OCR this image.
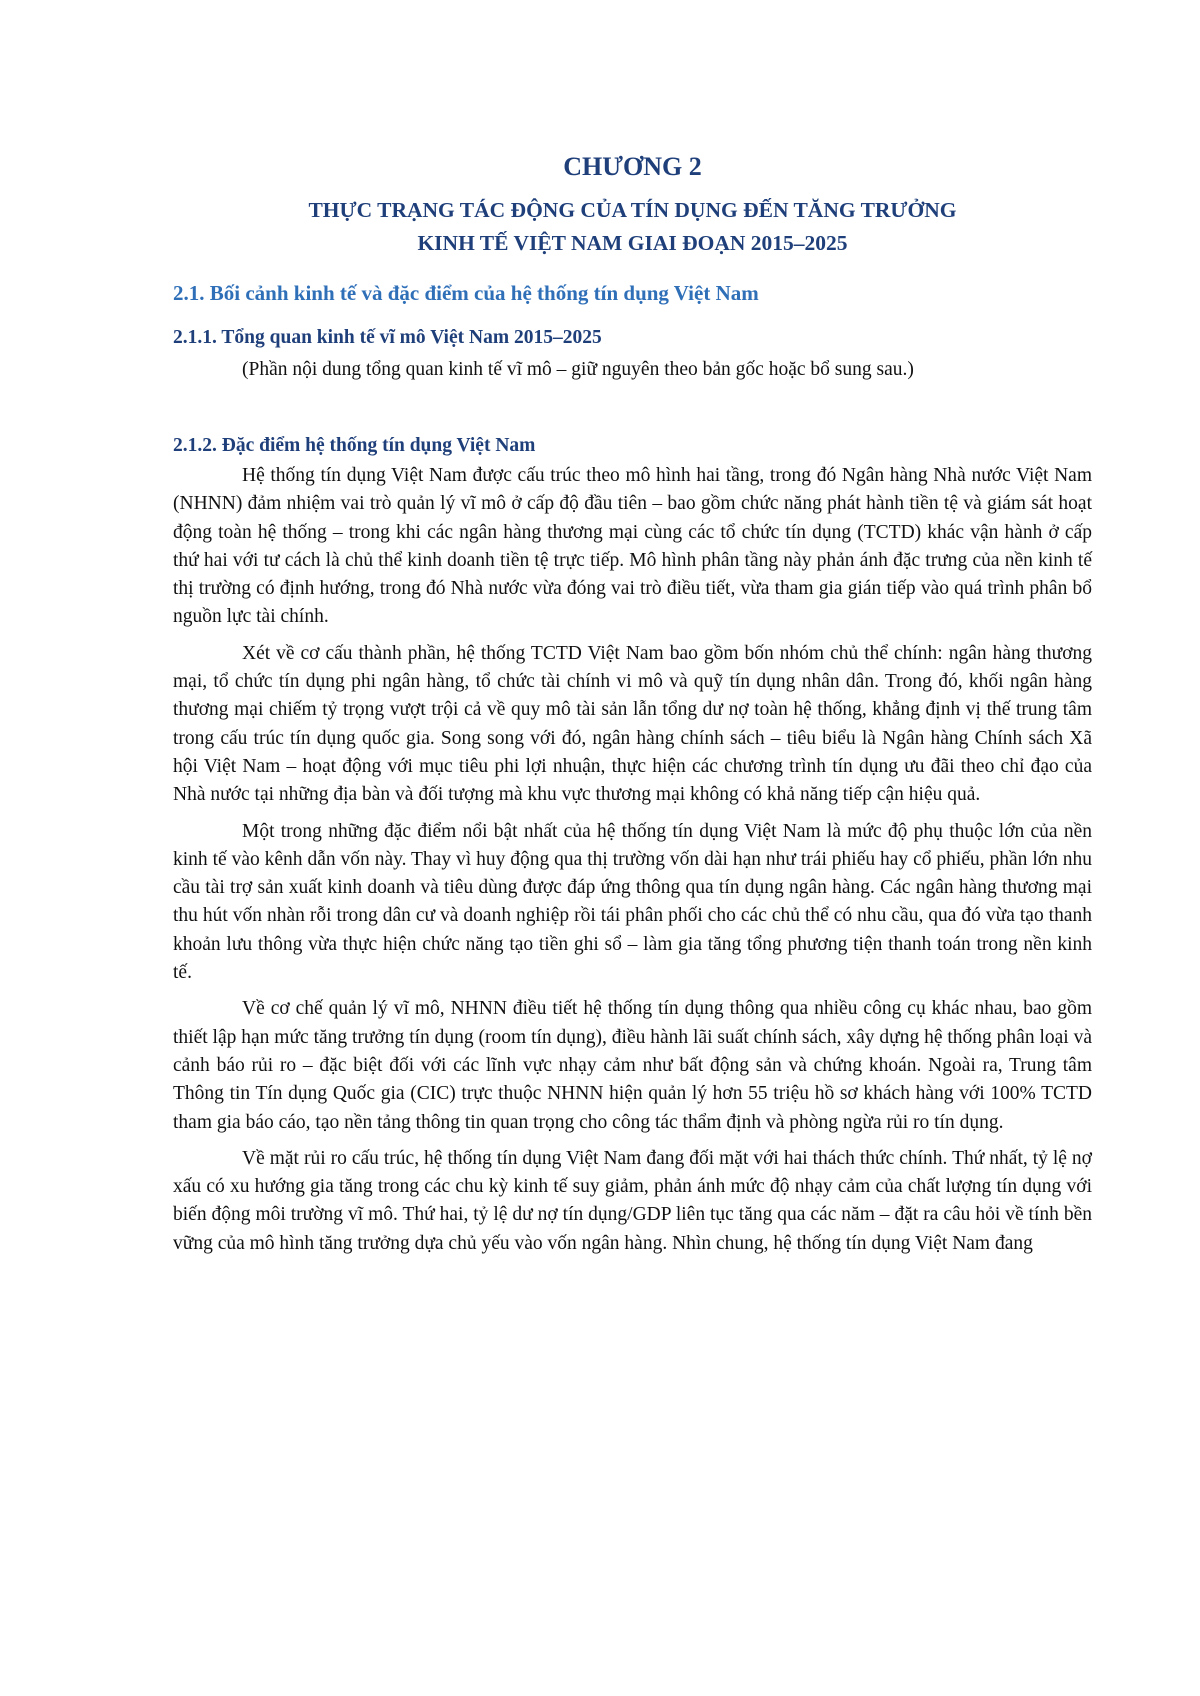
CHƯƠNG 2
THỰC TRẠNG TÁC ĐỘNG CỦA TÍN DỤNG ĐẾN TĂNG TRƯỞNG
KINH TẾ VIỆT NAM GIAI ĐOẠN 2015–2025
2.1. Bối cảnh kinh tế và đặc điểm của hệ thống tín dụng Việt Nam
2.1.1. Tổng quan kinh tế vĩ mô Việt Nam 2015–2025
(Phần nội dung tổng quan kinh tế vĩ mô – giữ nguyên theo bản gốc hoặc bổ sung sau.)
2.1.2. Đặc điểm hệ thống tín dụng Việt Nam

Hệ thống tín dụng Việt Nam được cấu trúc theo mô hình hai tầng, trong đó Ngân hàng Nhà nước Việt Nam (NHNN) đảm nhiệm vai trò quản lý vĩ mô ở cấp độ đầu tiên – bao gồm chức năng phát hành tiền tệ và giám sát hoạt động toàn hệ thống – trong khi các ngân hàng thương mại cùng các tổ chức tín dụng (TCTD) khác vận hành ở cấp thứ hai với tư cách là chủ thể kinh doanh tiền tệ trực tiếp. Mô hình phân tầng này phản ánh đặc trưng của nền kinh tế thị trường có định hướng, trong đó Nhà nước vừa đóng vai trò điều tiết, vừa tham gia gián tiếp vào quá trình phân bổ nguồn lực tài chính.

Xét về cơ cấu thành phần, hệ thống TCTD Việt Nam bao gồm bốn nhóm chủ thể chính: ngân hàng thương mại, tổ chức tín dụng phi ngân hàng, tổ chức tài chính vi mô và quỹ tín dụng nhân dân. Trong đó, khối ngân hàng thương mại chiếm tỷ trọng vượt trội cả về quy mô tài sản lẫn tổng dư nợ toàn hệ thống, khẳng định vị thế trung tâm trong cấu trúc tín dụng quốc gia. Song song với đó, ngân hàng chính sách – tiêu biểu là Ngân hàng Chính sách Xã hội Việt Nam – hoạt động với mục tiêu phi lợi nhuận, thực hiện các chương trình tín dụng ưu đãi theo chỉ đạo của Nhà nước tại những địa bàn và đối tượng mà khu vực thương mại không có khả năng tiếp cận hiệu quả.

Một trong những đặc điểm nổi bật nhất của hệ thống tín dụng Việt Nam là mức độ phụ thuộc lớn của nền kinh tế vào kênh dẫn vốn này. Thay vì huy động qua thị trường vốn dài hạn như trái phiếu hay cổ phiếu, phần lớn nhu cầu tài trợ sản xuất kinh doanh và tiêu dùng được đáp ứng thông qua tín dụng ngân hàng. Các ngân hàng thương mại thu hút vốn nhàn rỗi trong dân cư và doanh nghiệp rồi tái phân phối cho các chủ thể có nhu cầu, qua đó vừa tạo thanh khoản lưu thông vừa thực hiện chức năng tạo tiền ghi sổ – làm gia tăng tổng phương tiện thanh toán trong nền kinh tế.

Về cơ chế quản lý vĩ mô, NHNN điều tiết hệ thống tín dụng thông qua nhiều công cụ khác nhau, bao gồm thiết lập hạn mức tăng trưởng tín dụng (room tín dụng), điều hành lãi suất chính sách, xây dựng hệ thống phân loại và cảnh báo rủi ro – đặc biệt đối với các lĩnh vực nhạy cảm như bất động sản và chứng khoán. Ngoài ra, Trung tâm Thông tin Tín dụng Quốc gia (CIC) trực thuộc NHNN hiện quản lý hơn 55 triệu hồ sơ khách hàng với 100% TCTD tham gia báo cáo, tạo nền tảng thông tin quan trọng cho công tác thẩm định và phòng ngừa rủi ro tín dụng.

Về mặt rủi ro cấu trúc, hệ thống tín dụng Việt Nam đang đối mặt với hai thách thức chính. Thứ nhất, tỷ lệ nợ xấu có xu hướng gia tăng trong các chu kỳ kinh tế suy giảm, phản ánh mức độ nhạy cảm của chất lượng tín dụng với biến động môi trường vĩ mô. Thứ hai, tỷ lệ dư nợ tín dụng/GDP liên tục tăng qua các năm – đặt ra câu hỏi về tính bền vững của mô hình tăng trưởng dựa chủ yếu vào vốn ngân hàng. Nhìn chung, hệ thống tín dụng Việt Nam đang
